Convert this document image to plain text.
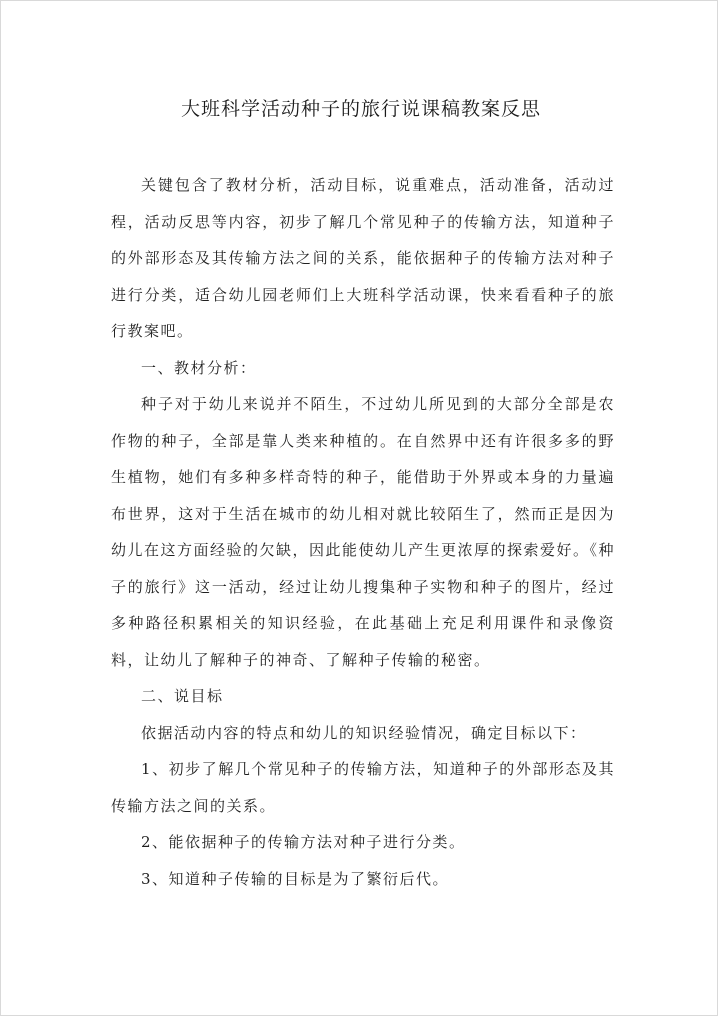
大班科学活动种子的旅行说课稿教案反思

关键包含了教材分析，活动目标，说重难点，活动准备，活动过程，活动反思等内容，初步了解几个常见种子的传输方法，知道种子的外部形态及其传输方法之间的关系，能依据种子的传输方法对种子进行分类，适合幼儿园老师们上大班科学活动课，快来看看种子的旅行教案吧。

一、教材分析：

种子对于幼儿来说并不陌生，不过幼儿所见到的大部分全部是农作物的种子，全部是靠人类来种植的。在自然界中还有许很多多的野生植物，她们有多种多样奇特的种子，能借助于外界或本身的力量遍布世界，这对于生活在城市的幼儿相对就比较陌生了，然而正是因为幼儿在这方面经验的欠缺，因此能使幼儿产生更浓厚的探索爱好。《种子的旅行》这一活动，经过让幼儿搜集种子实物和种子的图片，经过多种路径积累相关的知识经验，在此基础上充足利用课件和录像资料，让幼儿了解种子的神奇、了解种子传输的秘密。

二、说目标

依据活动内容的特点和幼儿的知识经验情况，确定目标以下：

1、初步了解几个常见种子的传输方法，知道种子的外部形态及其传输方法之间的关系。

2、能依据种子的传输方法对种子进行分类。

3、知道种子传输的目标是为了繁衍后代。
